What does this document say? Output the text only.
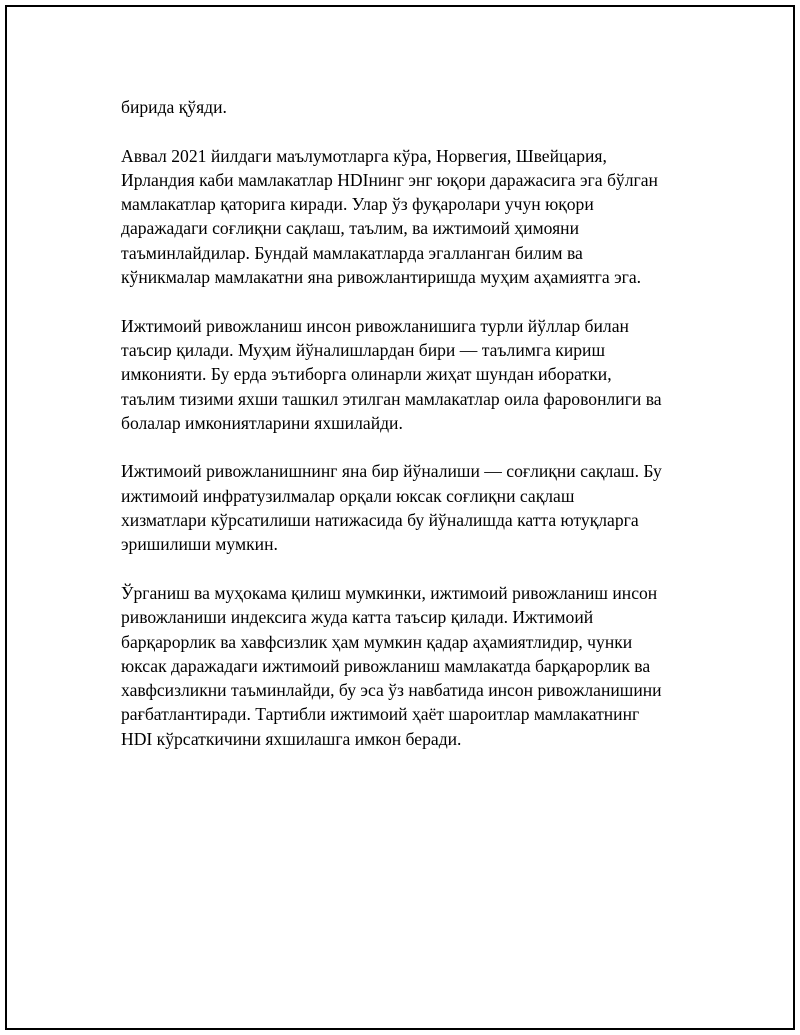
бирида қўяди.

Аввал 2021 йилдаги маълумотларга кўра, Норвегия, Швейцария,
Ирландия каби мамлакатлар HDIнинг энг юқори даражасига эга бўлган
мамлакатлар қаторига киради. Улар ўз фуқаролари учун юқори
даражадаги соғлиқни сақлаш, таълим, ва ижтимоий ҳимояни
таъминлайдилар. Бундай мамлакатларда эгалланган билим ва
кўникмалар мамлакатни яна ривожлантиришда муҳим аҳамиятга эга.

Ижтимоий ривожланиш инсон ривожланишига турли йўллар билан
таъсир қилади. Муҳим йўналишлардан бири — таълимга кириш
имконияти. Бу ерда эътиборга олинарли жиҳат шундан иборатки,
таълим тизими яхши ташкил этилган мамлакатлар оила фаровонлиги ва
болалар имкониятларини яхшилайди.

Ижтимоий ривожланишнинг яна бир йўналиши — соғлиқни сақлаш. Бу
ижтимоий инфратузилмалар орқали юксак соғлиқни сақлаш
хизматлари кўрсатилиши натижасида бу йўналишда катта ютуқларга
эришилиши мумкин.

Ўрганиш ва муҳокама қилиш мумкинки, ижтимоий ривожланиш инсон
ривожланиши индексига жуда катта таъсир қилади. Ижтимоий
барқарорлик ва хавфсизлик ҳам мумкин қадар аҳамиятлидир, чунки
юксак даражадаги ижтимоий ривожланиш мамлакатда барқарорлик ва
хавфсизликни таъминлайди, бу эса ўз навбатида инсон ривожланишини
рағбатлантиради. Тартибли ижтимоий ҳаёт шароитлар мамлакатнинг
HDI кўрсаткичини яхшилашга имкон беради.
